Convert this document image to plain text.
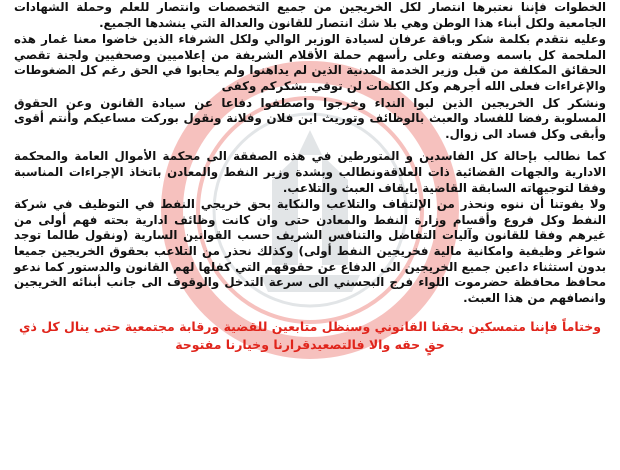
الخطوات فإننا نعتبرها انتصار لكل الخريجين من جميع التخصصات وانتصار للعلم وحملة الشهادات الجامعية ولكل أبناء هذا الوطن وهي بلا شك انتصار للقانون والعدالة التي ينشدها الجميع.

وعليه نتقدم بكلمة شكر وباقة عرفان لسيادة الوزير الوالي ولكل الشرفاء الذين خاضوا معنا غمار هذه الملحمة كل باسمه وصفته وعلى رأسهم حملة الأقلام الشريفة من إعلاميين وصحفيين ولجنة تقصي الحقائق المكلفة من قبل وزير الخدمة المدنية الذين لم يداهنوا ولم يحابوا في الحق رغم كل الضغوطات والإغراءات فعلى الله أجرهم وكل الكلمات لن توفي بشكركم وكفى

ونشكر كل الخريجين الذين لبوا النداء وخرجوا واصطفوا دفاعا عن سيادة القانون وعن الحقوق المسلوبة رفضا للفساد والعبث بالوظائف وتوريث ابن فلان وفلانة ونقول بوركت مساعيكم وأنتم أقوى وأبقى وكل فساد الى زوال.

كما نطالب بإحالة كل الفاسدين و المتورطين في هذه الصفقة الى محكمة الأموال العامة والمحكمة الادارية والجهات القضائية ذات العلاقةونطالب وبشدة وزير النفط والمعادن باتخاذ الإجراءات المناسبة وفقا لتوجيهاته السابقة القاضية بايقاف العبث والتلاعب.

ولا يفوتنا أن ننوه ونحذر من الإلتفاف والتلاعب والنكاية بحق خريجي النفط في التوظيف في شركة النفط وكل فروع وأقسام وزارة النفط والمعادن حتى وان كانت وظائف ادارية بحته فهم أولى من غيرهم وفقا للقانون وآليات التفاضل والتنافس الشريف حسب القوانين السارية (ونقول طالما توجد شواغر وظيفية وامكانية مالية فخريجين النفط أولى) وكذلك نحذر من التلاعب بحقوق الخريجين جميعا بدون استثناء داعين جميع الخريجين الى الدفاع عن حقوقهم التي كفلها لهم القانون والدستور كما ندعو محافظ محافظة حضرموت اللواء فرج البحسني الى سرعة التدخل والوقوف الى جانب أبنائه الخريجين وانصافهم من هذا العبث.

وختاماً فإننا متمسكين بحقنا القانوني وسنظل متابعين للقضية ورقابة مجتمعية حتى ينال كل ذي حقٍ حقه والا فالتصعيدقرارنا وخيارنا مفتوحة
